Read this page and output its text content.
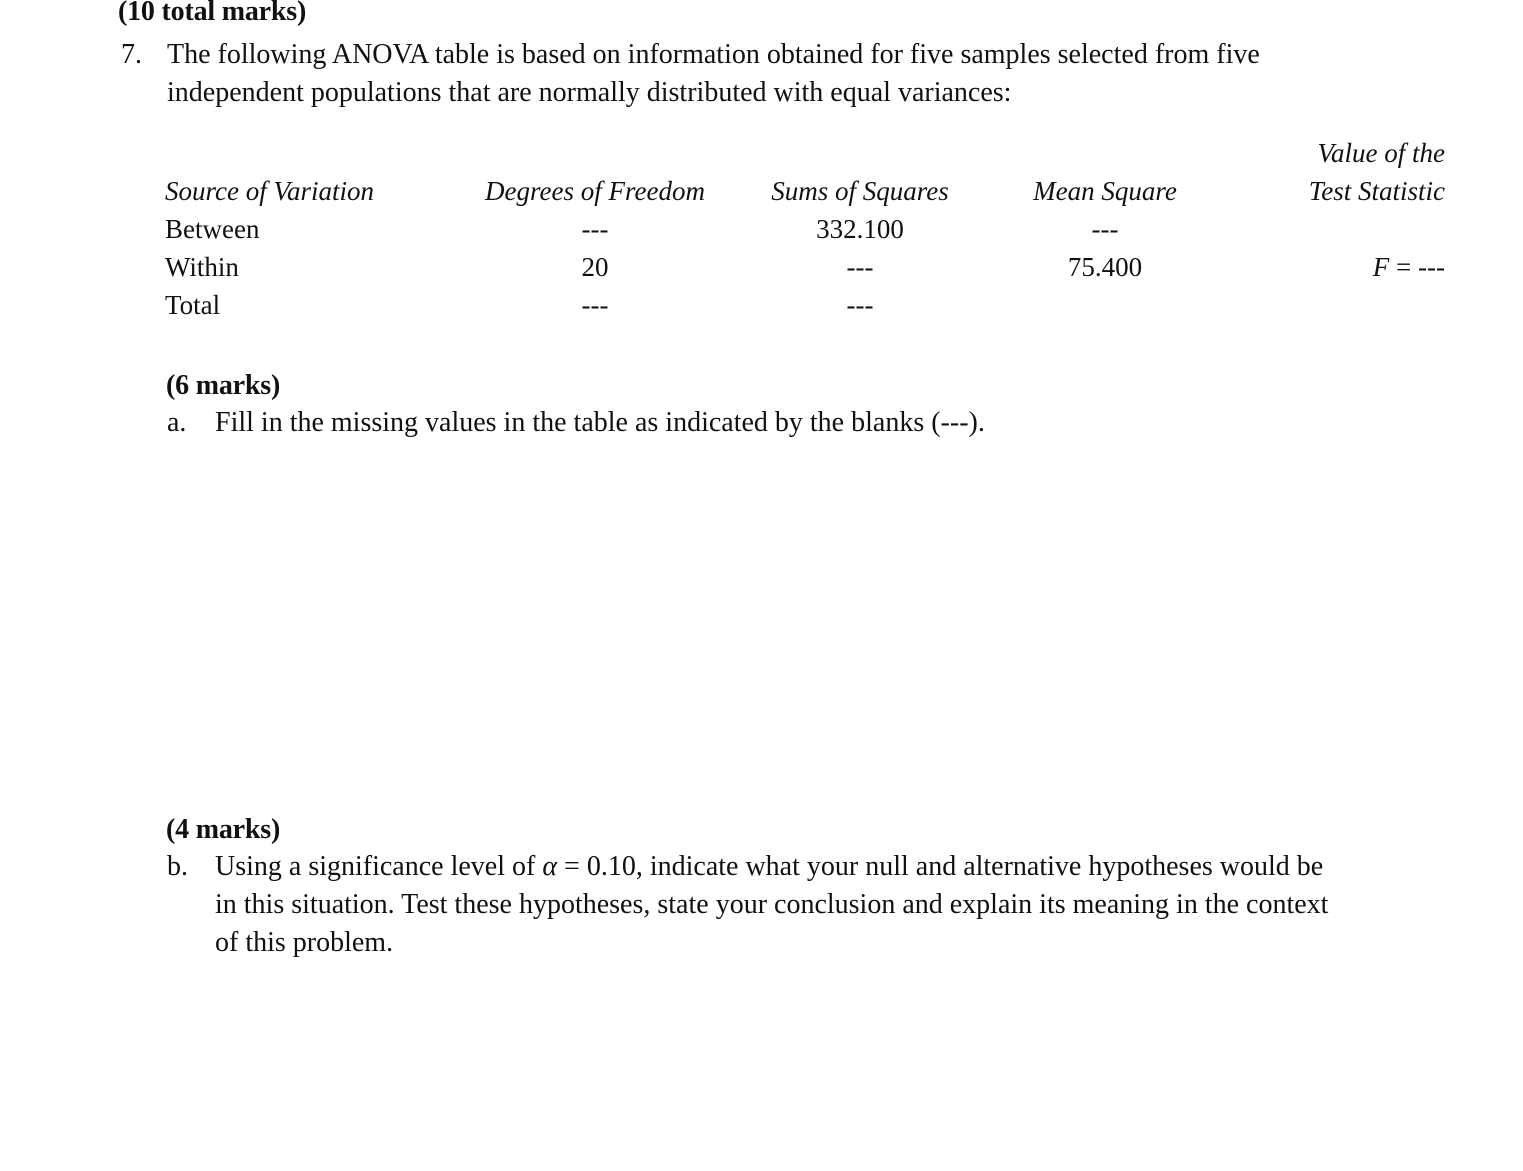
(10 total marks)
7. The following ANOVA table is based on information obtained for five samples selected from five
independent populations that are normally distributed with equal variances:

Source of Variation	Degrees of Freedom	Sums of Squares	Mean Square	Value of the
Test Statistic

Between	---	332.100	---	
Within	20	---	75.400	F = ---
Total	---	---		
(6 marks)
a. Fill in the missing values in the table as indicated by the blanks (---).
(4 marks)
b. Using a significance level of α = 0.10, indicate what your null and alternative hypotheses would be
in this situation. Test these hypotheses, state your conclusion and explain its meaning in the context
of this problem.
